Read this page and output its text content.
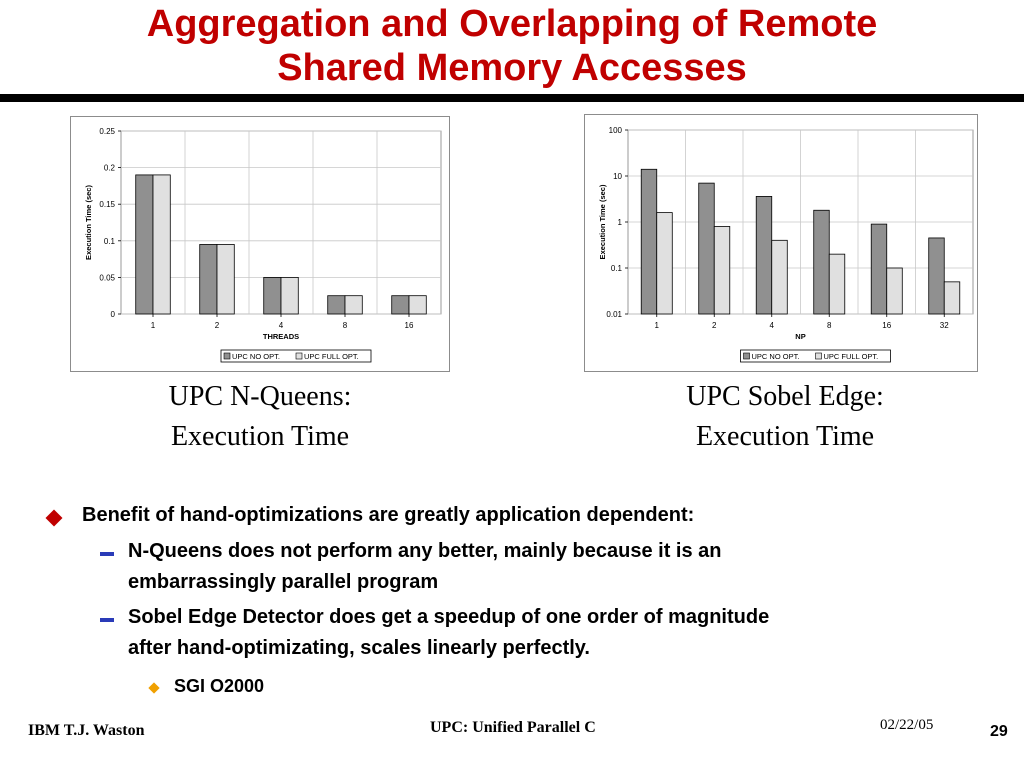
Aggregation and Overlapping of Remote
Shared Memory Accesses
0
0.05
0.1
0.15
0.2
0.25
1	2	4	8	16
THREADS
Execution Time (sec)
UPC NO OPT.	UPC FULL OPT.
0.01
0.1
1
10
100
1	2	4	8	16	32
NP
Execution Time (sec)
UPC NO OPT.	UPC FULL OPT.
UPC N-Queens:
Execution Time
UPC Sobel Edge:
Execution Time
Benefit of hand-optimizations are greatly application dependent:
N-Queens does not perform any better, mainly because it is an
embarrassingly parallel program
Sobel Edge Detector does get a speedup of one order of magnitude
after hand-optimizating, scales linearly perfectly.
SGI O2000
IBM T.J. Waston	UPC: Unified Parallel C	02/22/05	29
